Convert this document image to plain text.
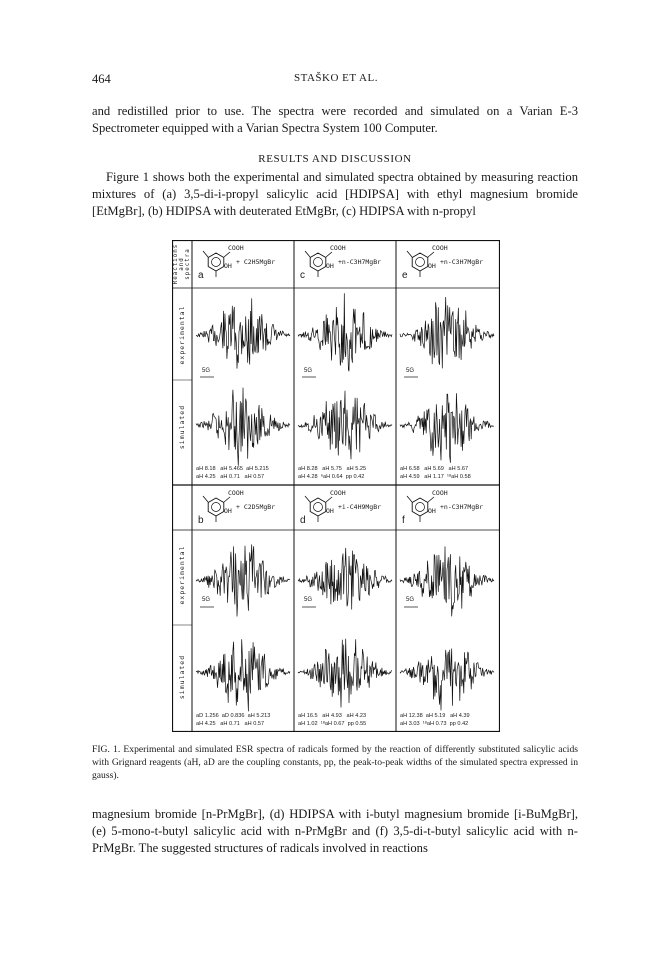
464	STAŠKO ET AL.

and redistilled prior to use. The spectra were recorded and simulated on a Varian E-3 Spectrometer equipped with a Varian Spectra System 100 Computer.

RESULTS AND DISCUSSION

Figure 1 shows both the experimental and simulated spectra obtained by measuring reaction mixtures of (a) 3,5-di-i-propyl salicylic acid [HDIPSA] with ethyl magnesium bromide [EtMgBr], (b) HDIPSA with deuterated EtMgBr, (c) HDIPSA with n-propyl

Reactions
and
spectra
experimental
simulated
experimental
simulated
COOH
+ C2H5MgBr
OH
a
5G
aH 8.18   aH 5.465  aH 5.215
aH 4.25   aH 0.71   aH 0.57
COOH
+n-C3H7MgBr
OH
c
5G
aH 8.28   aH 5.75   aH 5.25
aH 4.28  ⁶aH 0.64  pp 0.42
COOH
+n-C3H7MgBr
OH
e
5G
aH 6.58   aH 5.69   aH 5.67
aH 4.59   aH 1.17  ¹⁸aH 0.58
COOH
+ C2D5MgBr
OH
b
5G
aD 1.256  aD 0.836  aH 5.213
aH 4.25   aH 0.71   aH 0.57
COOH
+i-C4H9MgBr
OH
d
5G
aH 16.5   aH 4.93   aH 4.23
aH 1.02  ¹⁸aH 0.67  pp 0.55
COOH
+n-C3H7MgBr
OH
f
5G
aH 12.38  aH 5.19   aH 4.39
aH 3.03  ¹⁸aH 0.73  pp 0.42
FIG. 1. Experimental and simulated ESR spectra of radicals formed by the reaction of differently substituted salicylic acids with Grignard reagents (aH, aD are the coupling constants, pp, the peak-to-peak widths of the simulated spectra expressed in gauss).

magnesium bromide [n-PrMgBr], (d) HDIPSA with i-butyl magnesium bromide [i-BuMgBr], (e) 5-mono-t-butyl salicylic acid with n-PrMgBr and (f) 3,5-di-t-butyl salicylic acid with n-PrMgBr. The suggested structures of radicals involved in reactions
